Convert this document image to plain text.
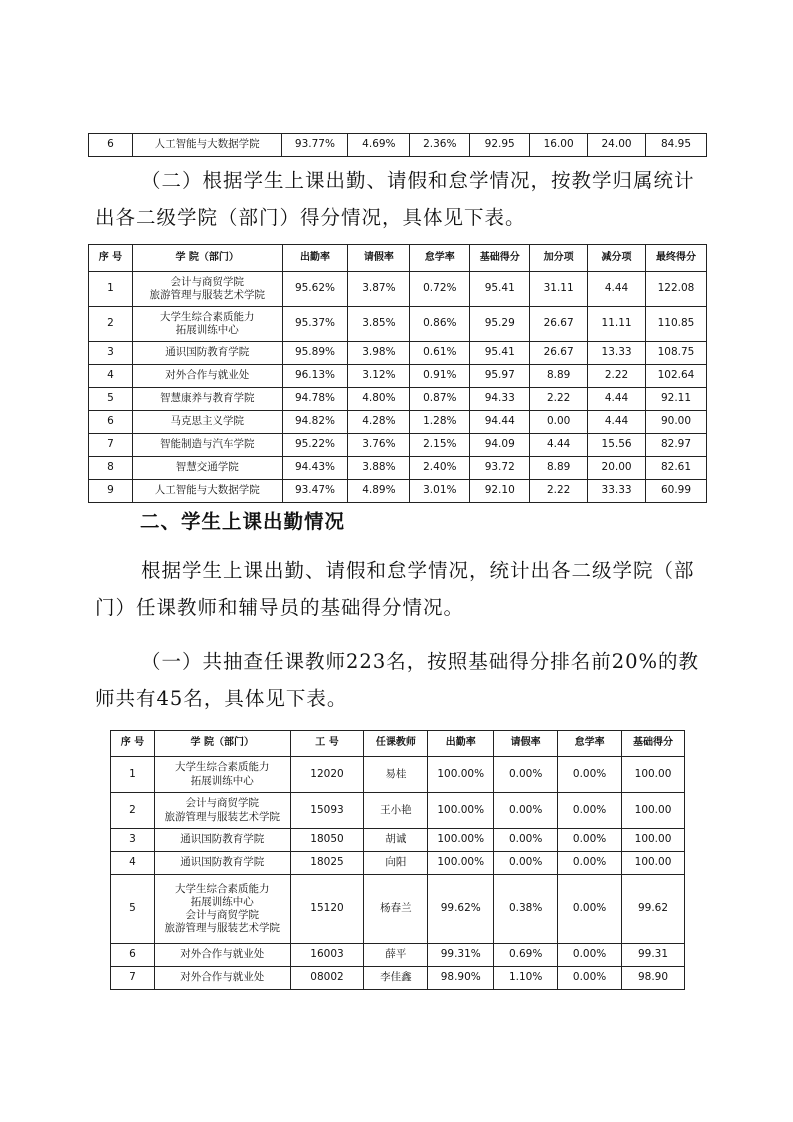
6	人工智能与大数据学院	93.77%	4.69%	2.36%	92.95	16.00	24.00	84.95

（二）根据学生上课出勤、请假和怠学情况，按教学归属统计出各二级学院（部门）得分情况，具体见下表。

序 号	学 院（部门）	出勤率	请假率	怠学率	基础得分	加分项	减分项	最终得分
1	会计与商贸学院
旅游管理与服装艺术学院	95.62%	3.87%	0.72%	95.41	31.11	4.44	122.08
2	大学生综合素质能力
拓展训练中心	95.37%	3.85%	0.86%	95.29	26.67	11.11	110.85
3	通识国防教育学院	95.89%	3.98%	0.61%	95.41	26.67	13.33	108.75
4	对外合作与就业处	96.13%	3.12%	0.91%	95.97	8.89	2.22	102.64
5	智慧康养与教育学院	94.78%	4.80%	0.87%	94.33	2.22	4.44	92.11
6	马克思主义学院	94.82%	4.28%	1.28%	94.44	0.00	4.44	90.00
7	智能制造与汽车学院	95.22%	3.76%	2.15%	94.09	4.44	15.56	82.97
8	智慧交通学院	94.43%	3.88%	2.40%	93.72	8.89	20.00	82.61
9	人工智能与大数据学院	93.47%	4.89%	3.01%	92.10	2.22	33.33	60.99
二、学生上课出勤情况

根据学生上课出勤、请假和怠学情况，统计出各二级学院（部门）任课教师和辅导员的基础得分情况。

（一）共抽查任课教师223名，按照基础得分排名前20%的教师共有45名，具体见下表。

序 号	学 院（部门）	工 号	任课教师	出勤率	请假率	怠学率	基础得分
1	大学生综合素质能力
拓展训练中心	12020	易桂	100.00%	0.00%	0.00%	100.00
2	会计与商贸学院
旅游管理与服装艺术学院	15093	王小艳	100.00%	0.00%	0.00%	100.00
3	通识国防教育学院	18050	胡诚	100.00%	0.00%	0.00%	100.00
4	通识国防教育学院	18025	向阳	100.00%	0.00%	0.00%	100.00
5	大学生综合素质能力
拓展训练中心
会计与商贸学院
旅游管理与服装艺术学院	15120	杨春兰	99.62%	0.38%	0.00%	99.62
6	对外合作与就业处	16003	薛平	99.31%	0.69%	0.00%	99.31
7	对外合作与就业处	08002	李佳鑫	98.90%	1.10%	0.00%	98.90
